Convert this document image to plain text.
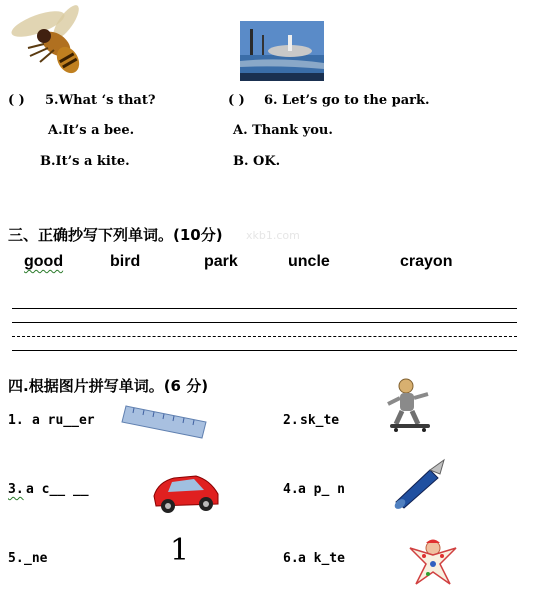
( ) 5.What ‘s that?
A.It’s a bee.
B.It’s a kite.
( ) 6. Let’s go to the park.
A. Thank you.
B. OK.
三、正确抄写下列单词。(10分) xkb1.com
good	bird	park	uncle	crayon
四.根据图片拼写单词。(6 分)
1. a ru__er	2. sk_te
3. a c__ __	4. a p_ n
5. _ne	1	6. a k_te
